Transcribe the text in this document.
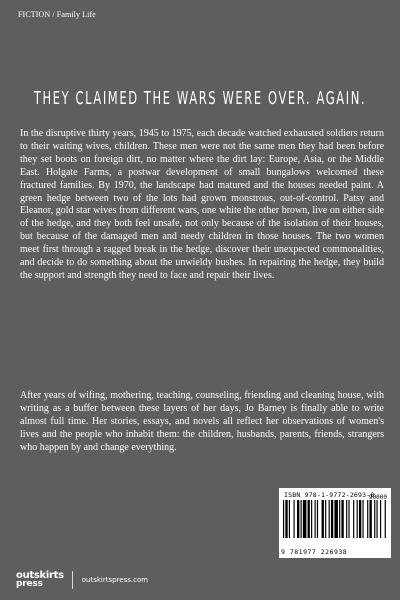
FICTION / Family Life
THEY CLAIMED THE WARS WERE OVER. AGAIN.

In the disruptive thirty years, 1945 to 1975, each decade watched exhausted soldiers return to their waiting wives, children. These men were not the same men they had been before they set boots on foreign dirt, no matter where the dirt lay: Europe, Asia, or the Middle East. Holgate Farms, a postwar development of small bungalows welcomed these fractured families. By 1970, the landscape had matured and the houses needed paint. A green hedge between two of the lots had grown monstrous, out-of-control. Patsy and Eleanor, gold star wives from different wars, one white the other brown, live on either side of the hedge, and they both feel unsafe, not only because of the isolation of their houses, but because of the damaged men and needy children in those houses. The two women meet first through a ragged break in the hedge, discover their unexpected commonalities, and decide to do something about the unwieldy bushes. In repairing the hedge, they build the support and strength they need to face and repair their lives.

After years of wifing, mothering, teaching, counseling, friending and cleaning house, with writing as a buffer between these layers of her days, Jo Barney is finally able to write almost full time. Her stories, essays, and novels all reflect her observations of women's lives and the people who inhabit them: the children, husbands, parents, friends, strangers who happen by and change everything.

ISBN 978-1-9772-2693-8
90000
9 781977 226938
outskirts
press	outskirtspress.com
